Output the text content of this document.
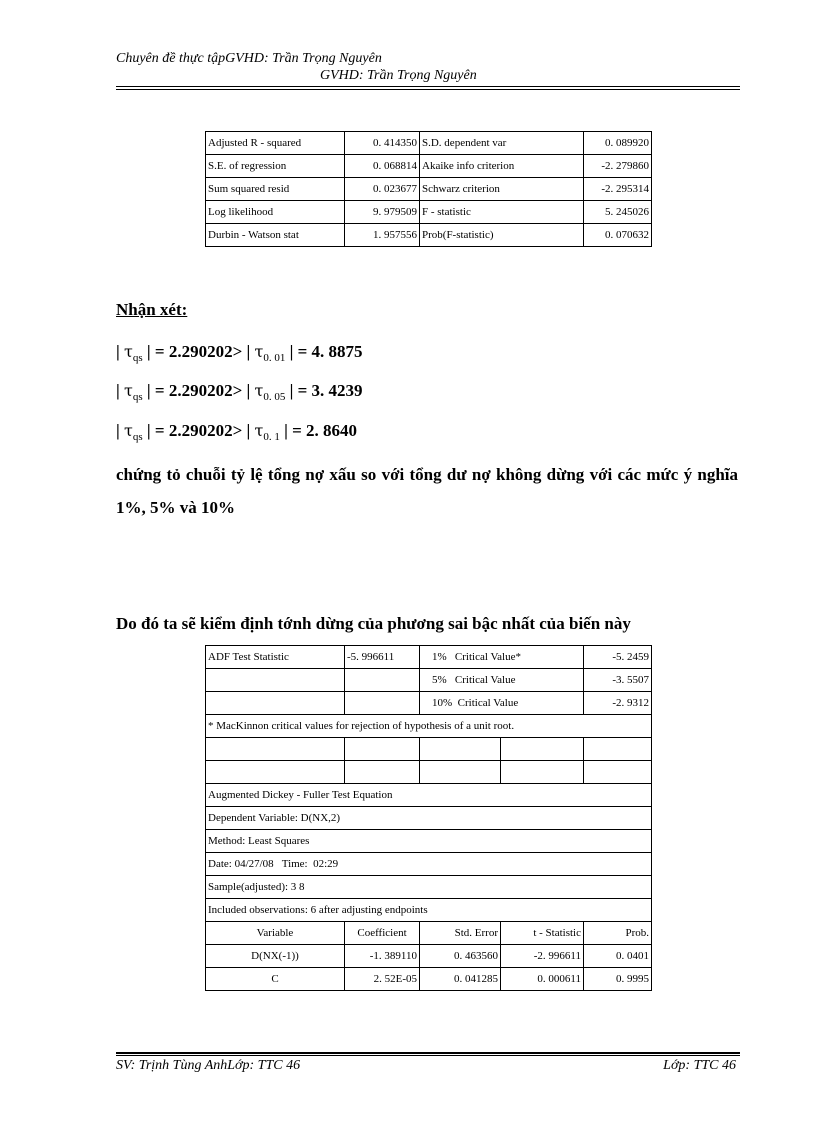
Chuyên đề thực tậpGVHD: Trần Trọng Nguyên
GVHD: Trần Trọng Nguyên
Adjusted R - squared	0. 414350	S.D. dependent var	0. 089920
S.E. of regression	0. 068814	Akaike info criterion	-2. 279860
Sum squared resid	0. 023677	Schwarz criterion	-2. 295314
Log likelihood	9. 979509	F - statistic	5. 245026
Durbin - Watson stat	1. 957556	Prob(F-statistic)	0. 070632
Nhận xét:
| $\tau_{qs}$ | = 2.290202> | $\tau_{0. 01}$ | = 4. 8875
| $\tau_{qs}$ | = 2.290202> | $\tau_{0. 05}$ | = 3. 4239
| $\tau_{qs}$ | = 2.290202> | $\tau_{0. 1}$ | = 2. 8640
chứng tỏ chuỗi tỷ lệ tổng nợ xấu so với tổng dư nợ không dừng với các mức ý nghĩa 1%, 5% và 10%
Do đó ta sẽ kiểm định tớnh dừng của phương sai bậc nhất của biến này
ADF Test Statistic	-5. 996611	1%   Critical Value*		-5. 2459
		5%   Critical Value		-3. 5507
		10%  Critical Value		-2. 9312
* MacKinnon critical values for rejection of hypothesis of a unit root.				

Augmented Dickey - Fuller Test Equation				
Dependent Variable: D(NX,2)				
Method: Least Squares				
Date: 04/27/08   Time:  02:29				
Sample(adjusted): 3 8				
Included observations: 6 after adjusting endpoints				
Variable	Coefficient	Std. Error	t - Statistic	Prob.
D(NX(-1))	-1. 389110	0. 463560	-2. 996611	0. 0401
C	2. 52E-05	0. 041285	0. 000611	0. 9995
SV: Trịnh Tùng AnhLớp: TTC 46	Lớp: TTC 46
